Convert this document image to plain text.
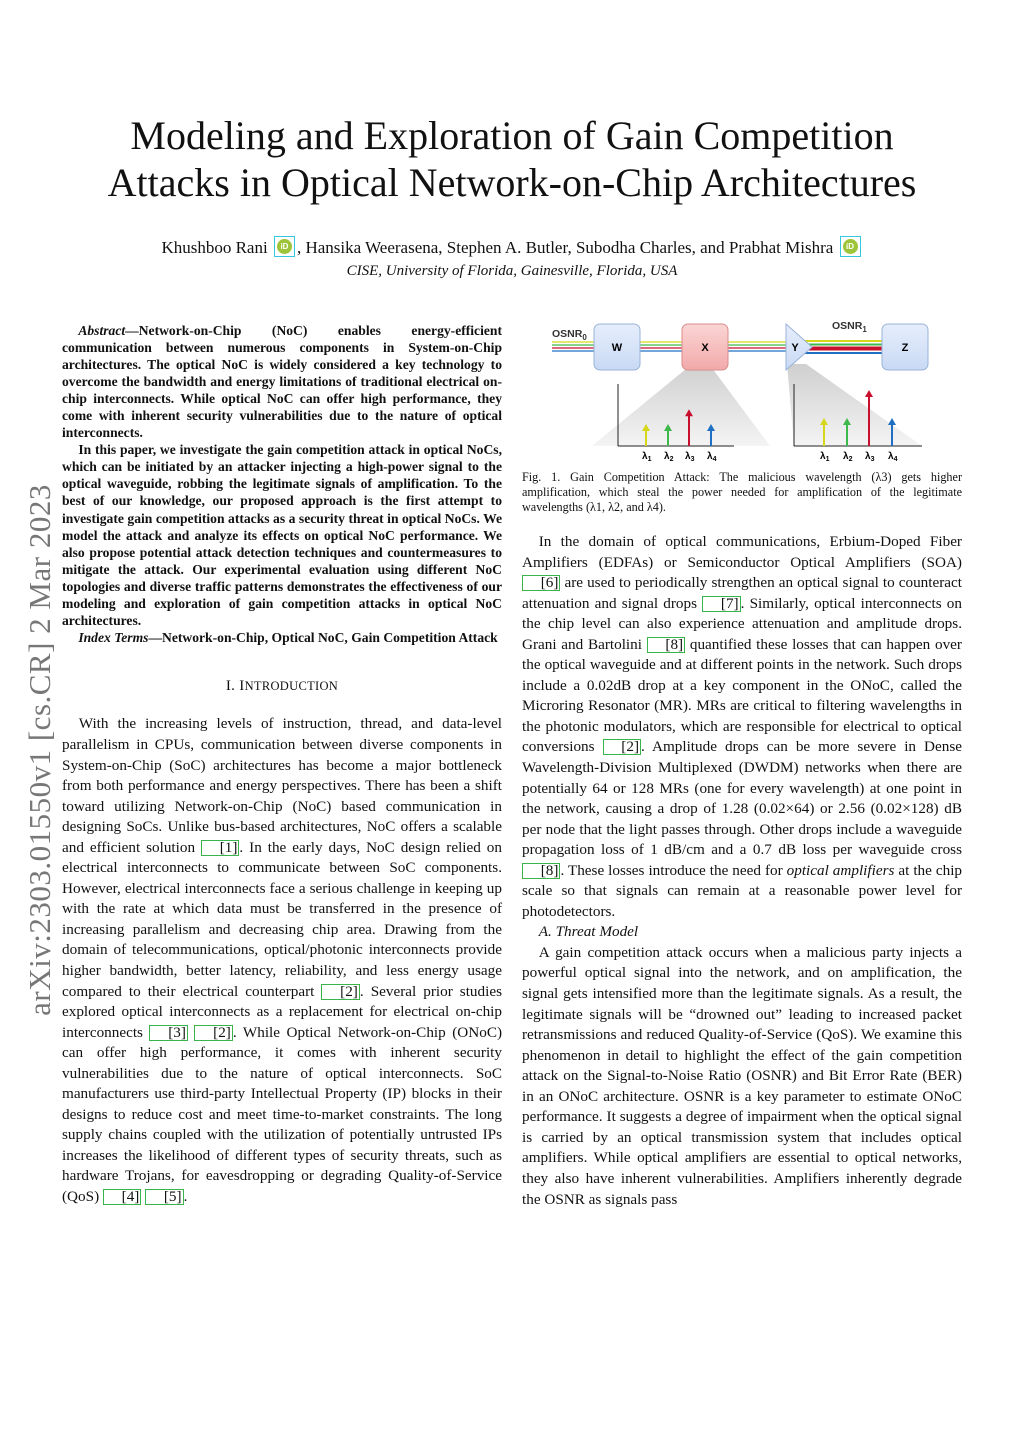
arXiv:2303.01550v1 [cs.CR] 2 Mar 2023
Modeling and Exploration of Gain Competition
Attacks in Optical Network-on-Chip Architectures
Khushboo Rani	iD , Hansika Weerasena, Stephen A. Butler, Subodha Charles, and Prabhat Mishra	iD
CISE, University of Florida, Gainesville, Florida, USA

Abstract—Network-on-Chip (NoC) enables energy-efficient communication between numerous components in System-on-Chip architectures. The optical NoC is widely considered a key technology to overcome the bandwidth and energy limitations of traditional electrical on-chip interconnects. While optical NoC can offer high performance, they come with inherent security vulnerabilities due to the nature of optical interconnects.

In this paper, we investigate the gain competition attack in optical NoCs, which can be initiated by an attacker injecting a high-power signal to the optical waveguide, robbing the legitimate signals of amplification. To the best of our knowledge, our proposed approach is the first attempt to investigate gain competition attacks as a security threat in optical NoCs. We model the attack and analyze its effects on optical NoC performance. We also propose potential attack detection techniques and countermeasures to mitigate the attack. Our experimental evaluation using different NoC topologies and diverse traffic patterns demonstrates the effectiveness of our modeling and exploration of gain competition attacks in optical NoC architectures.

Index Terms—Network-on-Chip, Optical NoC, Gain Competition Attack

I. INTRODUCTION

With the increasing levels of instruction, thread, and data-level parallelism in CPUs, communication between diverse components in System-on-Chip (SoC) architectures has become a major bottleneck from both performance and energy perspectives. There has been a shift toward utilizing Network-on-Chip (NoC) based communication in designing SoCs. Unlike bus-based architectures, NoC offers a scalable and efficient solution [1] . In the early days, NoC design relied on electrical interconnects to communicate between SoC components. However, electrical interconnects face a serious challenge in keeping up with the rate at which data must be transferred in the presence of increasing parallelism and decreasing chip area. Drawing from the domain of telecommunications, optical/photonic interconnects provide higher bandwidth, better latency, reliability, and less energy usage compared to their electrical counterpart [2] . Several prior studies explored optical interconnects as a replacement for electrical on-chip interconnects [3] [2] . While Optical Network-on-Chip (ONoC) can offer high performance, it comes with inherent security vulnerabilities due to the nature of optical interconnects. SoC manufacturers use third-party Intellectual Property (IP) blocks in their designs to reduce cost and meet time-to-market constraints. The long supply chains coupled with the utilization of potentially untrusted IPs increases the likelihood of different types of security threats, such as hardware Trojans, for eavesdropping or degrading Quality-of-Service (QoS) [4] [5] .

$OSNR_0$
$OSNR_1$
W	X	Y	Z
$\lambda_1$ $\lambda_2$ $\lambda_3$ $\lambda_4$	$\lambda_1$ $\lambda_2$ $\lambda_3$ $\lambda_4$
Fig. 1. Gain Competition Attack: The malicious wavelength (λ3) gets higher amplification, which steal the power needed for amplification of the legitimate wavelengths (λ1, λ2, and λ4).

In the domain of optical communications, Erbium-Doped Fiber Amplifiers (EDFAs) or Semiconductor Optical Amplifiers (SOA) [6] are used to periodically strengthen an optical signal to counteract attenuation and signal drops [7] . Similarly, optical interconnects on the chip level can also experience attenuation and amplitude drops. Grani and Bartolini [8] quantified these losses that can happen over the optical waveguide and at different points in the network. Such drops include a 0.02dB drop at a key component in the ONoC, called the Microring Resonator (MR). MRs are critical to filtering wavelengths in the photonic modulators, which are responsible for electrical to optical conversions [2] . Amplitude drops can be more severe in Dense Wavelength-Division Multiplexed (DWDM) networks when there are potentially 64 or 128 MRs (one for every wavelength) at one point in the network, causing a drop of 1.28 (0.02×64) or 2.56 (0.02×128) dB per node that the light passes through. Other drops include a waveguide propagation loss of 1 dB/cm and a 0.7 dB loss per waveguide cross [8] . These losses introduce the need for optical amplifiers at the chip scale so that signals can remain at a reasonable power level for photodetectors.

A. Threat Model

A gain competition attack occurs when a malicious party injects a powerful optical signal into the network, and on amplification, the signal gets intensified more than the legitimate signals. As a result, the legitimate signals will be “drowned out” leading to increased packet retransmissions and reduced Quality-of-Service (QoS). We examine this phenomenon in detail to highlight the effect of the gain competition attack on the Signal-to-Noise Ratio (OSNR) and Bit Error Rate (BER) in an ONoC architecture. OSNR is a key parameter to estimate ONoC performance. It suggests a degree of impairment when the optical signal is carried by an optical transmission system that includes optical amplifiers. While optical amplifiers are essential to optical networks, they also have inherent vulnerabilities. Amplifiers inherently degrade the OSNR as signals pass
